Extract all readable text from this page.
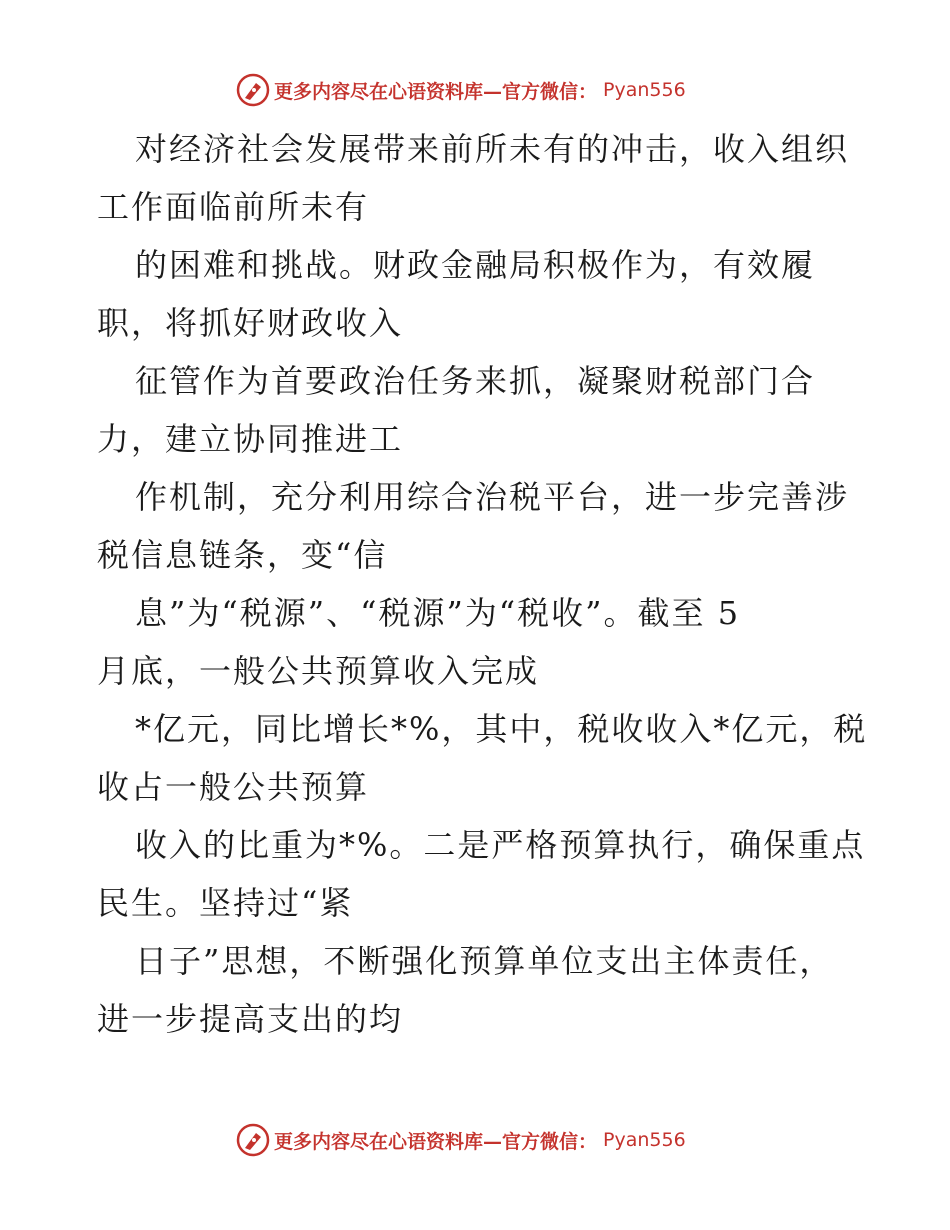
更多内容尽在心语资料库—官方微信： Pyan556
对经济社会发展带来前所未有的冲击，收入组织
工作面临前所未有
的困难和挑战。财政金融局积极作为，有效履
职，将抓好财政收入
征管作为首要政治任务来抓，凝聚财税部门合
力，建立协同推进工
作机制，充分利用综合治税平台，进一步完善涉
税信息链条，变“信
息”为“税源”、“税源”为“税收”。截至 5
月底，一般公共预算收入完成
*亿元，同比增长*%，其中，税收收入*亿元，税
收占一般公共预算
收入的比重为*%。二是严格预算执行，确保重点
民生。坚持过“紧
日子”思想，不断强化预算单位支出主体责任，
进一步提高支出的均
更多内容尽在心语资料库—官方微信： Pyan556
